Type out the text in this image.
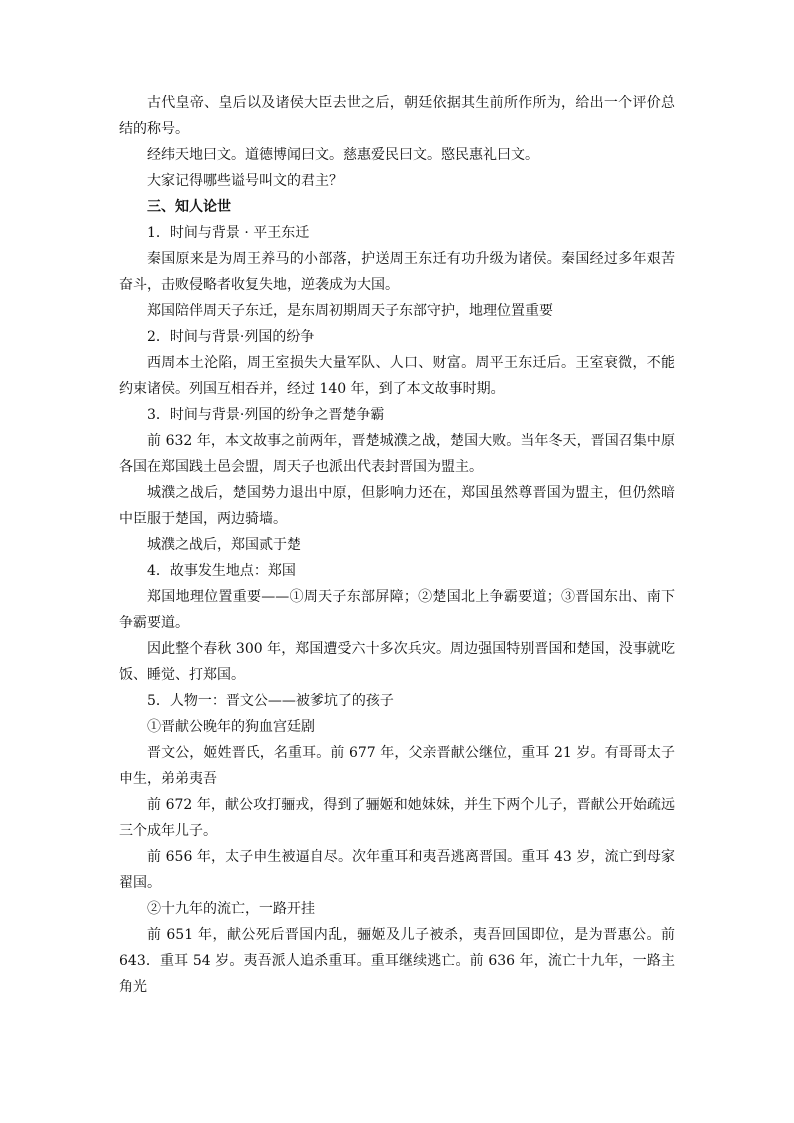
古代皇帝、皇后以及诸侯大臣去世之后，朝廷依据其生前所作所为，给出一个评价总结的称号。

经纬天地曰文。道德博闻曰文。慈惠爱民曰文。愍民惠礼曰文。

大家记得哪些谥号叫文的君主？

三、知人论世

1．时间与背景 · 平王东迁

秦国原来是为周王养马的小部落，护送周王东迁有功升级为诸侯。秦国经过多年艰苦奋斗，击败侵略者收复失地，逆袭成为大国。

郑国陪伴周天子东迁，是东周初期周天子东部守护，地理位置重要

2．时间与背景·列国的纷争

西周本土沦陷，周王室损失大量军队、人口、财富。周平王东迁后。王室衰微，不能约束诸侯。列国互相吞并，经过 140 年，到了本文故事时期。

3．时间与背景·列国的纷争之晋楚争霸

前 632 年，本文故事之前两年，晋楚城濮之战，楚国大败。当年冬天，晋国召集中原各国在郑国践土邑会盟，周天子也派出代表封晋国为盟主。

城濮之战后，楚国势力退出中原，但影响力还在，郑国虽然尊晋国为盟主，但仍然暗中臣服于楚国，两边骑墙。

城濮之战后，郑国贰于楚

4．故事发生地点：郑国

郑国地理位置重要——①周天子东部屏障；②楚国北上争霸要道；③晋国东出、南下争霸要道。

因此整个春秋 300 年，郑国遭受六十多次兵灾。周边强国特别晋国和楚国，没事就吃饭、睡觉、打郑国。

5．人物一：晋文公——被爹坑了的孩子

①晋献公晚年的狗血宫廷剧

晋文公，姬姓晋氏，名重耳。前 677 年，父亲晋献公继位，重耳 21 岁。有哥哥太子申生，弟弟夷吾

前 672 年，献公攻打骊戎，得到了骊姬和她妹妹，并生下两个儿子，晋献公开始疏远三个成年儿子。

前 656 年，太子申生被逼自尽。次年重耳和夷吾逃离晋国。重耳 43 岁，流亡到母家翟国。

②十九年的流亡，一路开挂

前 651 年，献公死后晋国内乱，骊姬及儿子被杀，夷吾回国即位，是为晋惠公。前 643．重耳 54 岁。夷吾派人追杀重耳。重耳继续逃亡。前 636 年，流亡十九年，一路主角光
